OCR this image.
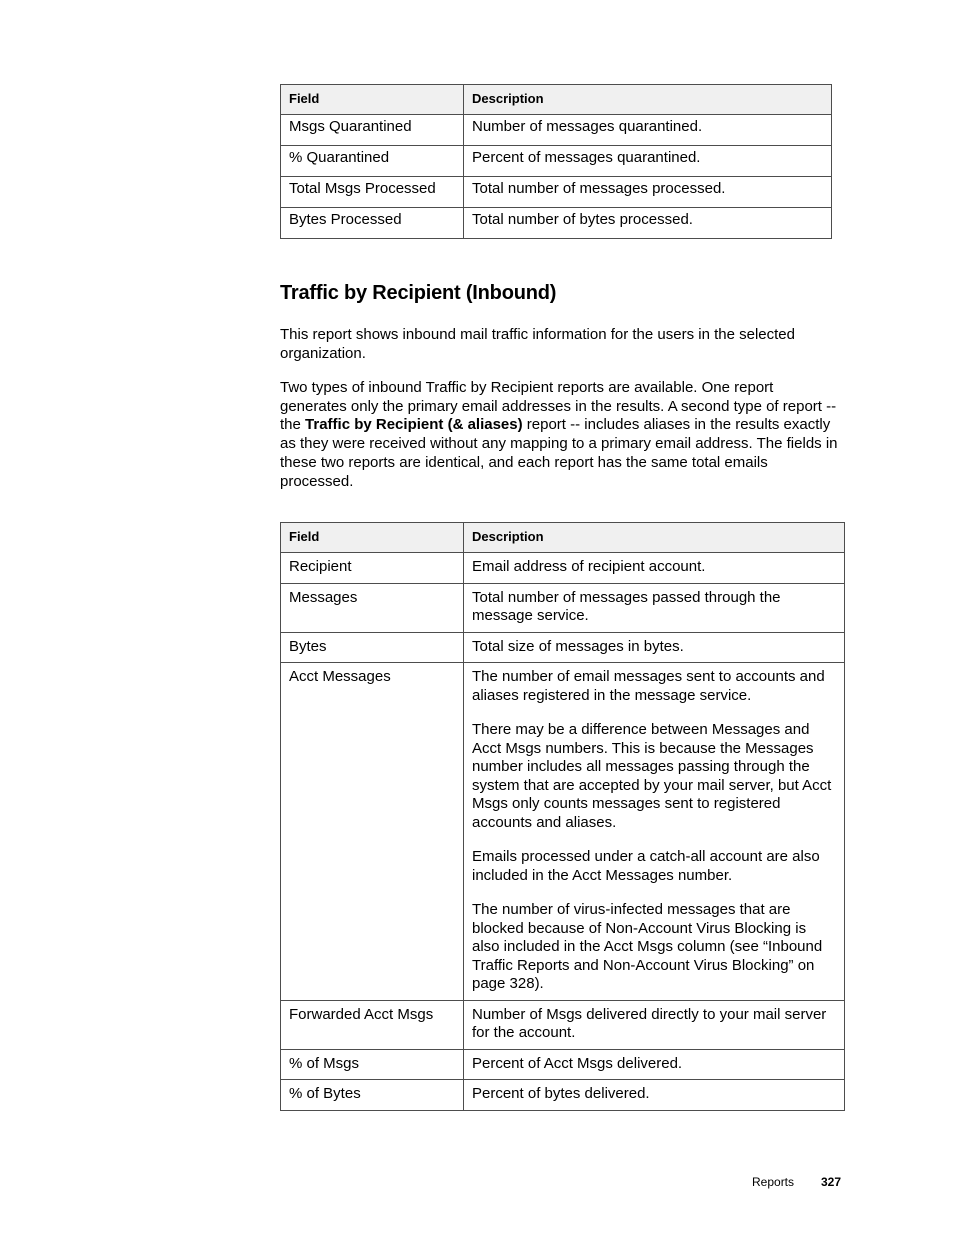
Field	Description
Msgs Quarantined	Number of messages quarantined.
% Quarantined	Percent of messages quarantined.
Total Msgs Processed	Total number of messages processed.
Bytes Processed	Total number of bytes processed.
Traffic by Recipient (Inbound)

This report shows inbound mail traffic information for the users in the selected organization.

Two types of inbound Traffic by Recipient reports are available. One report generates only the primary email addresses in the results. A second type of report -- the Traffic by Recipient (& aliases) report -- includes aliases in the results exactly as they were received without any mapping to a primary email address. The fields in these two reports are identical, and each report has the same total emails processed.

Field	Description
Recipient	Email address of recipient account.

Messages	Total number of messages passed through the message service.

Bytes	Total size of messages in bytes.

Acct Messages	The number of email messages sent to accounts and aliases registered in the message service.

There may be a difference between Messages and Acct Msgs numbers. This is because the Messages number includes all messages passing through the system that are accepted by your mail server, but Acct Msgs only counts messages sent to registered accounts and aliases.

Emails processed under a catch-all account are also included in the Acct Messages number.

The number of virus-infected messages that are blocked because of Non-Account Virus Blocking is also included in the Acct Msgs column (see “Inbound Traffic Reports and Non-Account Virus Blocking” on page 328).

Forwarded Acct Msgs	Number of Msgs delivered directly to your mail server for the account.

% of Msgs	Percent of Acct Msgs delivered.

% of Bytes	Percent of bytes delivered.

Reports 327
